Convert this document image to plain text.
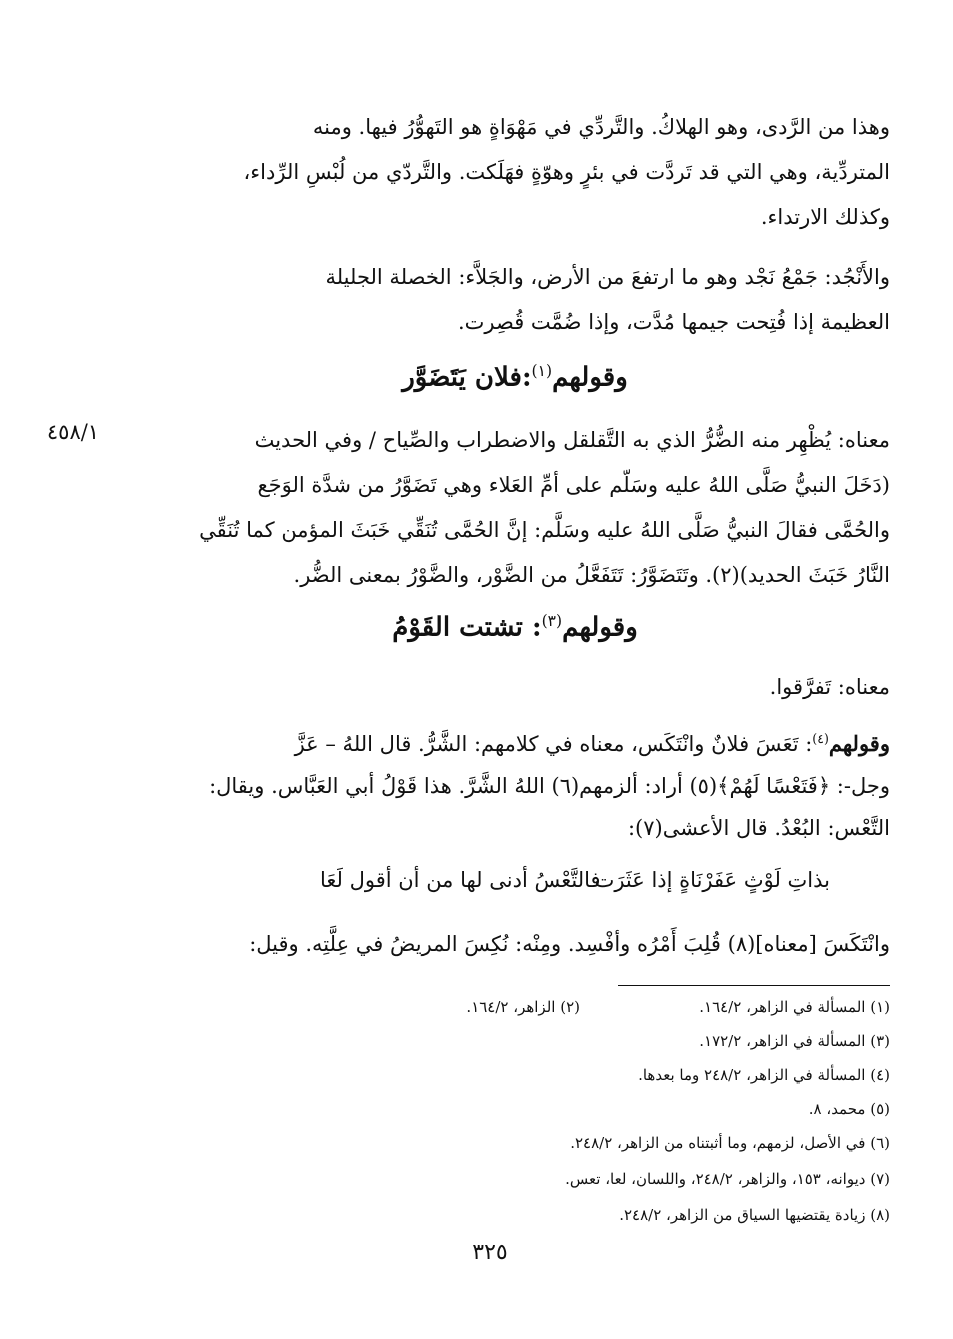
وهذا من الرَّدى، وهو الهلاكُ. والتَّردِّي في مَهْوَاةٍ هو التَهوُّرُ فيها. ومنه
المتردِّية، وهي التي قد تَردَّت في بئرٍ وهوّةٍ فهَلَكت. والتَّردّي من لُبْسِ الرِّداء،
وكذلك الارتداء.
والأَنْجُد: جَمْعُ نَجْد وهو ما ارتفعَ من الأرض، والجَلاَّء: الخصلة الجليلة
العظيمة إذا فُتِحت جيمها مُدَّت، وإذا ضُمَّت قُصِرت.
وقولهم$^{(١)}$:فلان يَتَضَوَّر
٤٥٨/١	معناه: يُظْهِر منه الضُّرُّ الذي به التَّقلقل والاضطراب والصِّياح / وفي الحديث
(دَخَلَ النبيُّ صَلَّى اللهُ عليه وسَلّم على أمِّ العَلاء وهي تَضَوَّرُ من شدَّة الوَجَع
والحُمَّى فقالَ النبيُّ صَلَّى اللهُ عليه وسَلَّم: إنَّ الحُمَّى تُنَقِّي خَبَثَ المؤمن كما تُنَقِّي
النَّارُ خَبَثَ الحديد)(٢). وتَتَضَوَّرُ: تَتَفَعَّلُ من الضَّوْر، والضَّوْرُ بمعنى الضُّر.
وقولهم$^{(٣)}$: تشتت القَوْمُ
معناه: تَفرَّقوا.
وقولهم$^{(٤)}$: تَعَسَ فلانٌ وانْتَكَس، معناه في كلامهم: الشَّرُّ. قال اللهُ – عَزَّ
وجل-: ﴿فَتَعْسًا لَهُمْ﴾(٥) أراد: ألزمهم(٦) اللهُ الشَّرَّ. هذا قَوْلُ أبي العَبَّاس. ويقال:
التَّعْس: البُعْدُ. قال الأعشى(٧):
بذاتِ لَوْثٍ عَفَرْنَاةٍ إذا عَثَرَت
فالتَّعْسُ أدنى لها من أن أقول لَعَا
وانْتَكَسَ [معناه](٨) قُلِبَ أَمْرُه وأفْسِد. ومِنْه: نُكِسَ المريضُ في عِلَّتِه. وقيل:
(١) المسألة في الزاهر، ١٦٤/٢.
(٢) الزاهر، ١٦٤/٢.
(٣) المسألة في الزاهر، ١٧٢/٢.
(٤) المسألة في الزاهر، ٢٤٨/٢ وما بعدها.
(٥) محمد، ٨.
(٦) في الأصل، لزمهم، وما أثبتناه من الزاهر، ٢٤٨/٢.
(٧) ديوانه، ١٥٣، والزاهر، ٢٤٨/٢، واللسان، لعا، تعس.
(٨) زيادة يقتضيها السياق من الزاهر، ٢٤٨/٢.
٣٢٥
